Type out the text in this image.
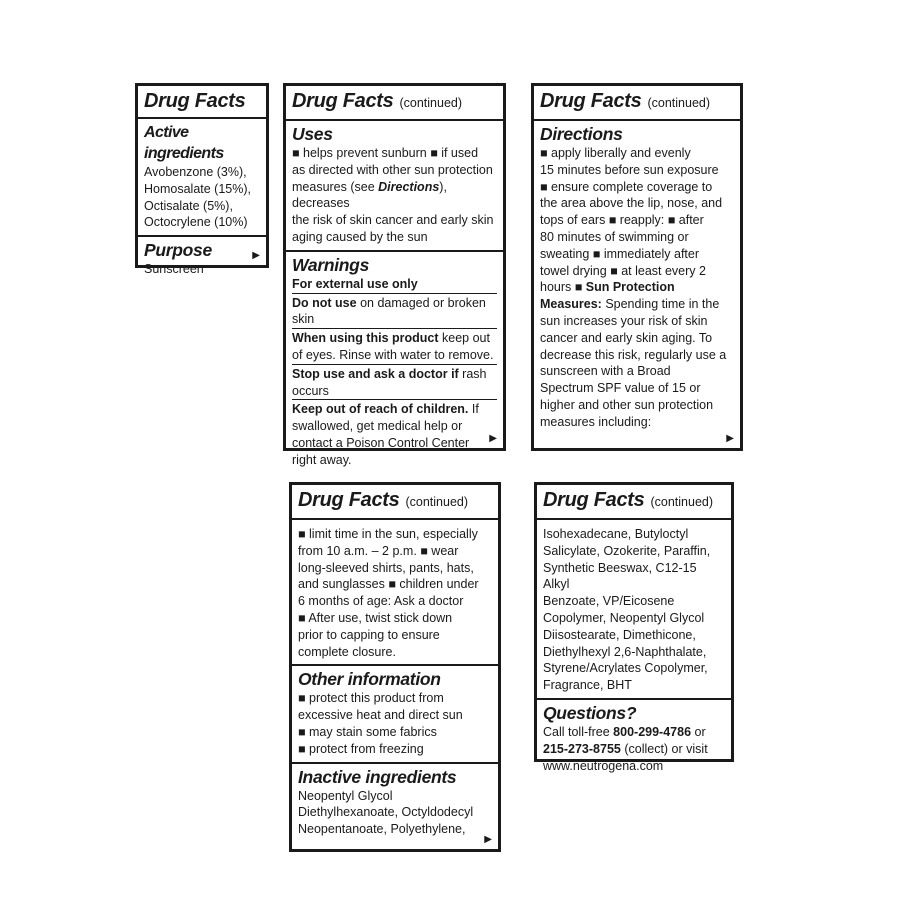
Drug Facts
Active ingredients
Avobenzone (3%),
Homosalate (15%),
Octisalate (5%),
Octocrylene (10%)
Purpose
Sunscreen
▶
Drug Facts (continued)
Uses
■ helps prevent sunburn ■ if used
as directed with other sun protection
measures (see Directions), decreases
the risk of skin cancer and early skin
aging caused by the sun
Warnings
For external use only
Do not use on damaged or broken skin
When using this product keep out
of eyes. Rinse with water to remove.
Stop use and ask a doctor if rash
occurs
Keep out of reach of children. If
swallowed, get medical help or
contact a Poison Control Center
right away.
▶
Drug Facts (continued)
Directions
■ apply liberally and evenly
15 minutes before sun exposure
■ ensure complete coverage to
the area above the lip, nose, and
tops of ears ■ reapply: ■ after
80 minutes of swimming or
sweating ■ immediately after
towel drying ■ at least every 2
hours ■ Sun Protection
Measures: Spending time in the
sun increases your risk of skin
cancer and early skin aging. To
decrease this risk, regularly use a
sunscreen with a Broad
Spectrum SPF value of 15 or
higher and other sun protection
measures including:
▶
Drug Facts (continued)
■ limit time in the sun, especially
from 10 a.m. – 2 p.m. ■ wear
long-sleeved shirts, pants, hats,
and sunglasses ■ children under
6 months of age: Ask a doctor
■ After use, twist stick down
prior to capping to ensure
complete closure.
Other information
■ protect this product from
excessive heat and direct sun
■ may stain some fabrics
■ protect from freezing
Inactive ingredients
Neopentyl Glycol
Diethylhexanoate, Octyldodecyl
Neopentanoate, Polyethylene,
▶
Drug Facts (continued)
Isohexadecane, Butyloctyl
Salicylate, Ozokerite, Paraffin,
Synthetic Beeswax, C12-15 Alkyl
Benzoate, VP/Eicosene
Copolymer, Neopentyl Glycol
Diisostearate, Dimethicone,
Diethylhexyl 2,6-Naphthalate,
Styrene/Acrylates Copolymer,
Fragrance, BHT
Questions?
Call toll-free 800-299-4786 or
215-273-8755 (collect) or visit
www.neutrogena.com
